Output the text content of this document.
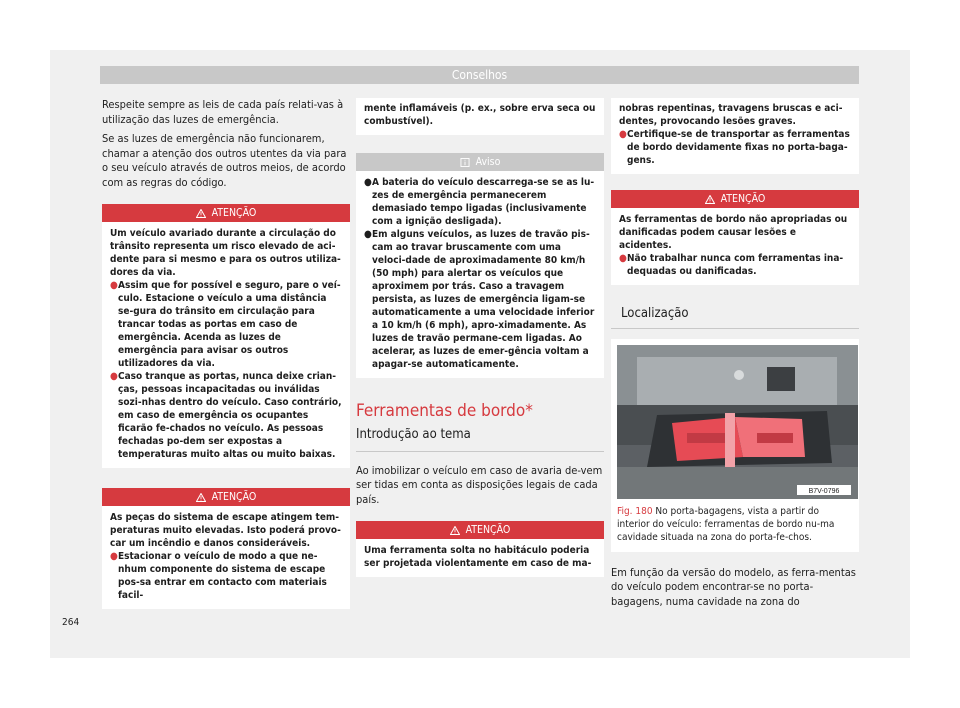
Conselhos

Respeite sempre as leis de cada país relati-vas à utilização das luzes de emergência.

Se as luzes de emergência não funcionarem, chamar a atenção dos outros utentes da via para o seu veículo através de outros meios, de acordo com as regras do código.

ATENÇÃO

Um veículo avariado durante a circulação do trânsito representa um risco elevado de aci-dente para si mesmo e para os outros utiliza-dores da via.

● Assim que for possível e seguro, pare o veí-culo. Estacione o veículo a uma distância se-gura do trânsito em circulação para trancar todas as portas em caso de emergência. Acenda as luzes de emergência para avisar os outros utilizadores da via.
● Caso tranque as portas, nunca deixe crian-ças, pessoas incapacitadas ou inválidas sozi-nhas dentro do veículo. Caso contrário, em caso de emergência os ocupantes ficarão fe-chados no veículo. As pessoas fechadas po-dem ser expostas a temperaturas muito altas ou muito baixas.
ATENÇÃO

As peças do sistema de escape atingem tem-peraturas muito elevadas. Isto poderá provo-car um incêndio e danos consideráveis.

● Estacionar o veículo de modo a que ne-nhum componente do sistema de escape pos-sa entrar em contacto com materiais facil-

mente inflamáveis (p. ex., sobre erva seca ou combustível).

Aviso
● A bateria do veículo descarrega-se se as lu-zes de emergência permanecerem demasiado tempo ligadas (inclusivamente com a ignição desligada).
● Em alguns veículos, as luzes de travão pis-cam ao travar bruscamente com uma veloci-dade de aproximadamente 80 km/h (50 mph) para alertar os veículos que aproximem por trás. Caso a travagem persista, as luzes de emergência ligam-se automaticamente a uma velocidade inferior a 10 km/h (6 mph), apro-ximadamente. As luzes de travão permane-cem ligadas. Ao acelerar, as luzes de emer-gência voltam a apagar-se automaticamente.
Ferramentas de bordo*
Introdução ao tema

Ao imobilizar o veículo em caso de avaria de-vem ser tidas em conta as disposições legais de cada país.

ATENÇÃO

Uma ferramenta solta no habitáculo poderia ser projetada violentamente em caso de ma-

nobras repentinas, travagens bruscas e aci-dentes, provocando lesões graves.

● Certifique-se de transportar as ferramentas de bordo devidamente fixas no porta-baga-gens.
ATENÇÃO

As ferramentas de bordo não apropriadas ou danificadas podem causar lesões e acidentes.

● Não trabalhar nunca com ferramentas ina-dequadas ou danificadas.

Localização

B7V-0796
Fig. 180 No porta-bagagens, vista a partir do interior do veículo: ferramentas de bordo nu-ma cavidade situada na zona do porta-fe-chos.

Em função da versão do modelo, as ferra-mentas do veículo podem encontrar-se no porta-bagagens, numa cavidade na zona do

264
